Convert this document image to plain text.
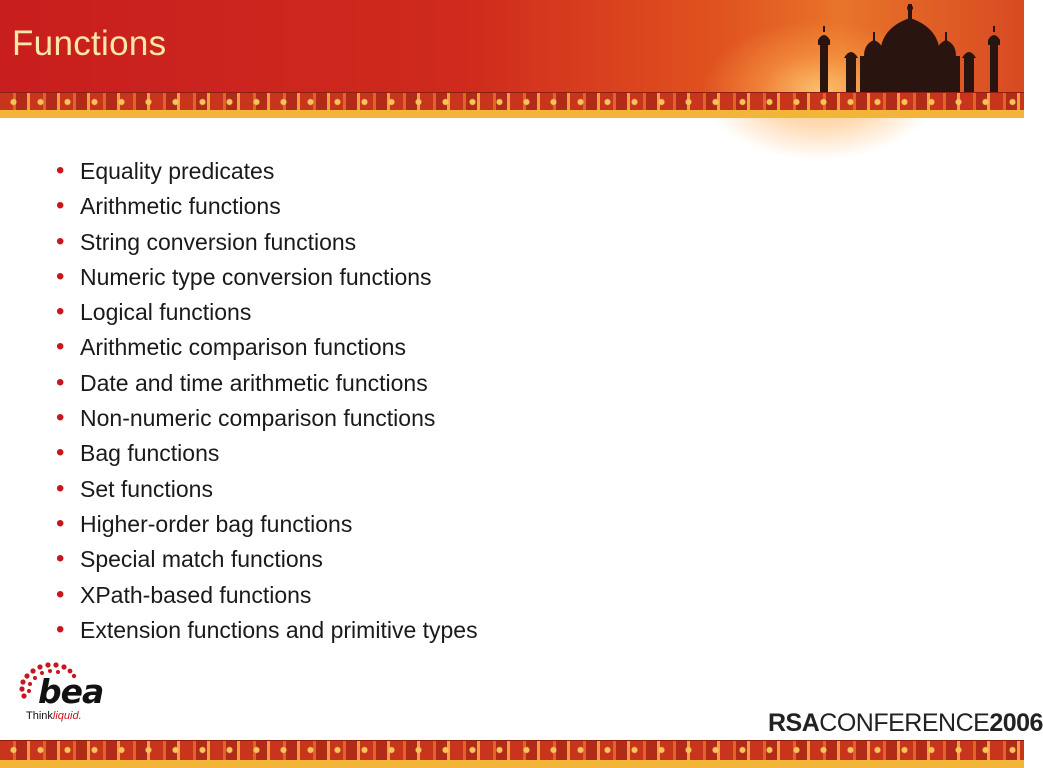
Functions
• Equality predicates
• Arithmetic functions
• String conversion functions
• Numeric type conversion functions
• Logical functions
• Arithmetic comparison functions
• Date and time arithmetic functions
• Non-numeric comparison functions
• Bag functions
• Set functions
• Higher-order bag functions
• Special match functions
• XPath-based functions
• Extension functions and primitive types
bea
Thinkliquid.	RSACONFERENCE2006
